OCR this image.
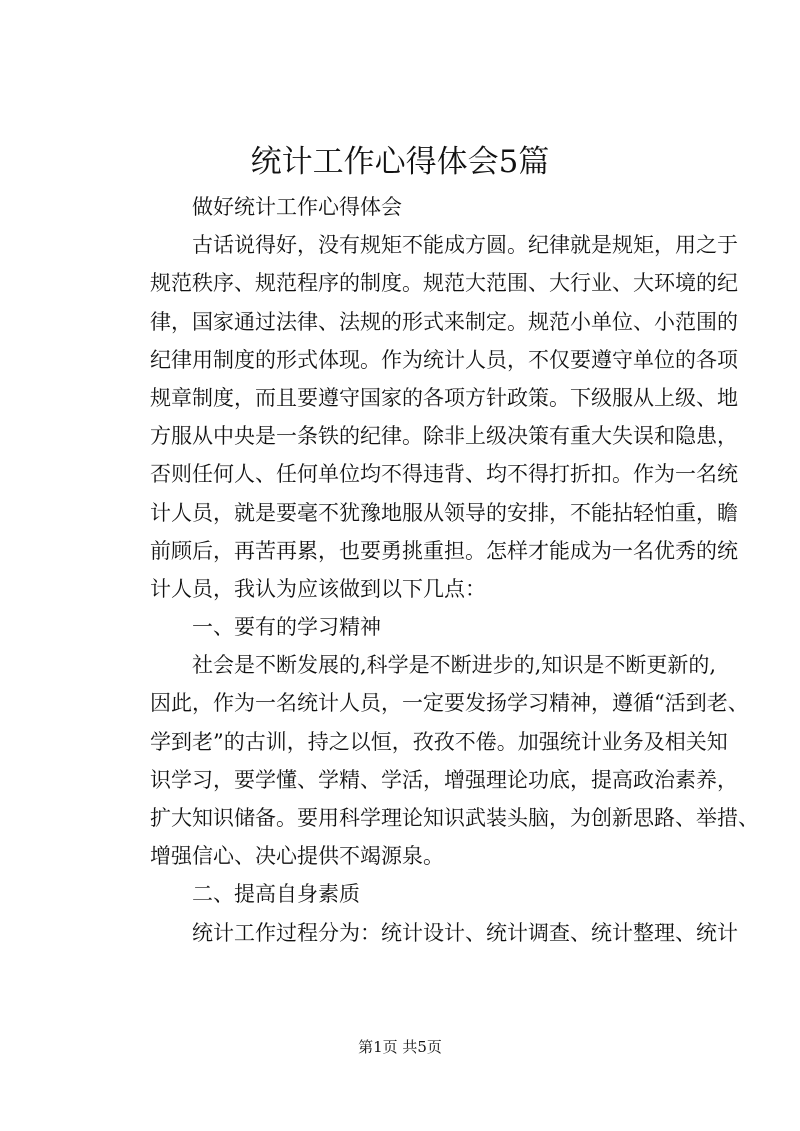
统计工作心得体会5篇
做好统计工作心得体会
古话说得好，没有规矩不能成方圆。纪律就是规矩，用之于
规范秩序、规范程序的制度。规范大范围、大行业、大环境的纪
律，国家通过法律、法规的形式来制定。规范小单位、小范围的
纪律用制度的形式体现。作为统计人员，不仅要遵守单位的各项
规章制度，而且要遵守国家的各项方针政策。下级服从上级、地
方服从中央是一条铁的纪律。除非上级决策有重大失误和隐患，
否则任何人、任何单位均不得违背、均不得打折扣。作为一名统
计人员，就是要毫不犹豫地服从领导的安排，不能拈轻怕重，瞻
前顾后，再苦再累，也要勇挑重担。怎样才能成为一名优秀的统
计人员，我认为应该做到以下几点：
一、要有的学习精神
社会是不断发展的,科学是不断进步的,知识是不断更新的,
因此，作为一名统计人员，一定要发扬学习精神，遵循“活到老、
学到老”的古训，持之以恒，孜孜不倦。加强统计业务及相关知
识学习，要学懂、学精、学活，增强理论功底，提高政治素养，
扩大知识储备。要用科学理论知识武装头脑，为创新思路、举措、
增强信心、决心提供不竭源泉。
二、提高自身素质
统计工作过程分为：统计设计、统计调查、统计整理、统计
第1页 共5页
